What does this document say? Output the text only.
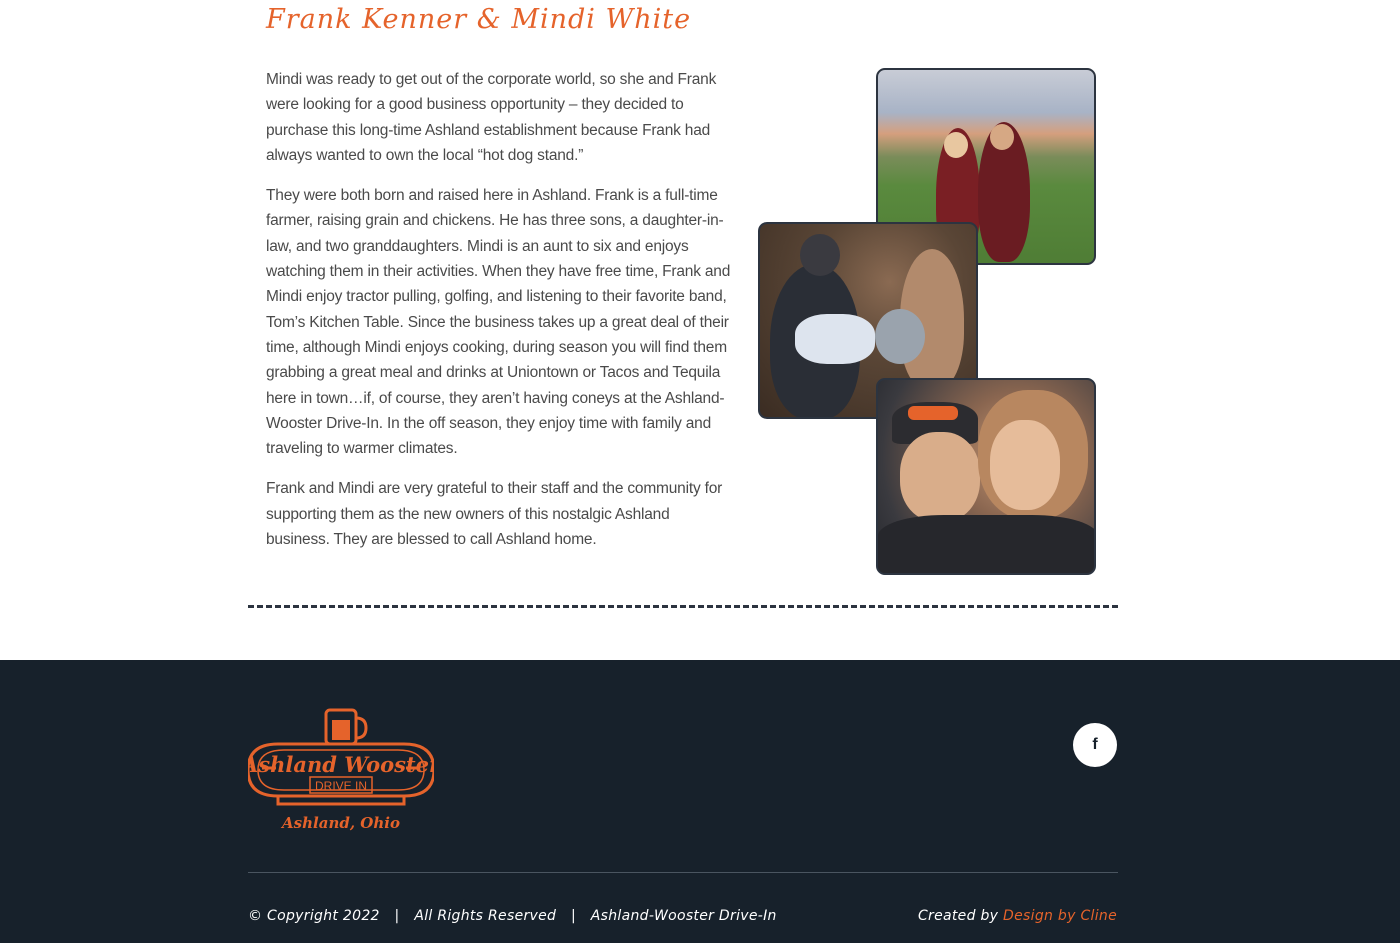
Frank Kenner & Mindi White

Mindi was ready to get out of the corporate world, so she and Frank were looking for a good business opportunity – they decided to purchase this long-time Ashland establishment because Frank had always wanted to own the local “hot dog stand.”

They were both born and raised here in Ashland. Frank is a full-time farmer, raising grain and chickens. He has three sons, a daughter-in-law, and two granddaughters. Mindi is an aunt to six and enjoys watching them in their activities. When they have free time, Frank and Mindi enjoy tractor pulling, golfing, and listening to their favorite band, Tom’s Kitchen Table. Since the business takes up a great deal of their time, although Mindi enjoys cooking, during season you will find them grabbing a great meal and drinks at Uniontown or Tacos and Tequila here in town…if, of course, they aren’t having coneys at the Ashland-Wooster Drive-In. In the off season, they enjoy time with family and traveling to warmer climates.

Frank and Mindi are very grateful to their staff and the community for supporting them as the new owners of this nostalgic Ashland business. They are blessed to call Ashland home.

Ashland Wooster
DRIVE IN
Ashland, Ohio
f
© Copyright 2022 | All Rights Reserved | Ashland-Wooster Drive-In	Created by Design by Cline
